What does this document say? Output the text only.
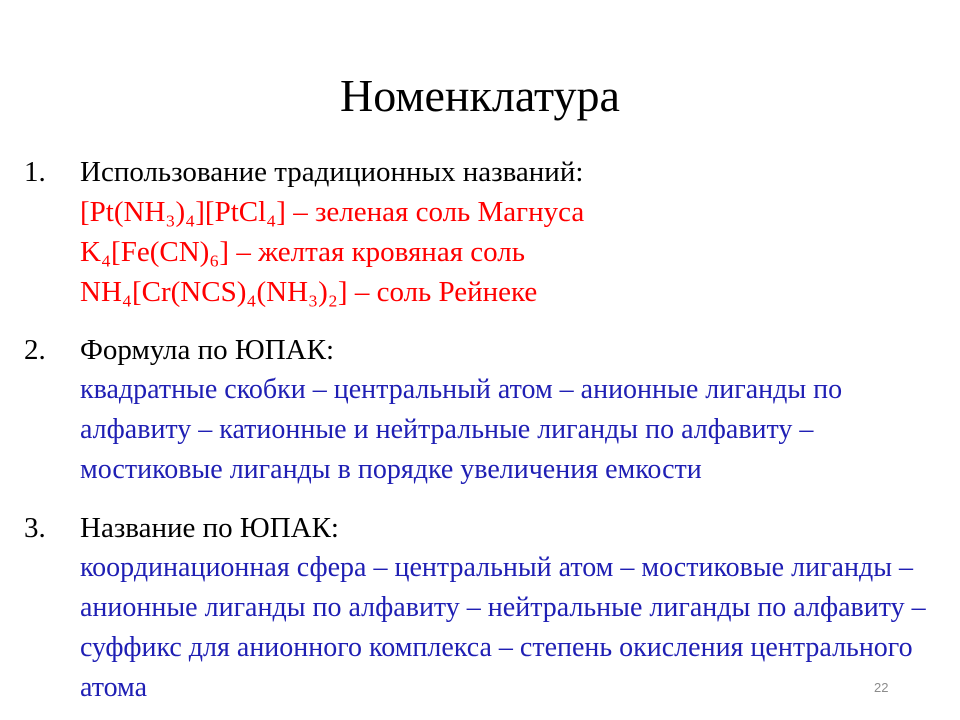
Номенклатура
1. Использование традиционных названий:
[Pt(NH₃)₄][PtCl₄] – зеленая соль Магнуса
K₄[Fe(CN)₆] – желтая кровяная соль
NH₄[Cr(NCS)₄(NH₃)₂] – соль Рейнеке
2. Формула по ЮПАК:
квадратные скобки – центральный атом – анионные лиганды по алфавиту – катионные и нейтральные лиганды по алфавиту – мостиковые лиганды в порядке увеличения емкости
3. Название по ЮПАК:
координационная сфера – центральный атом – мостиковые лиганды – анионные лиганды по алфавиту – нейтральные лиганды по алфавиту – суффикс для анионного комплекса – степень окисления центрального атома	22
